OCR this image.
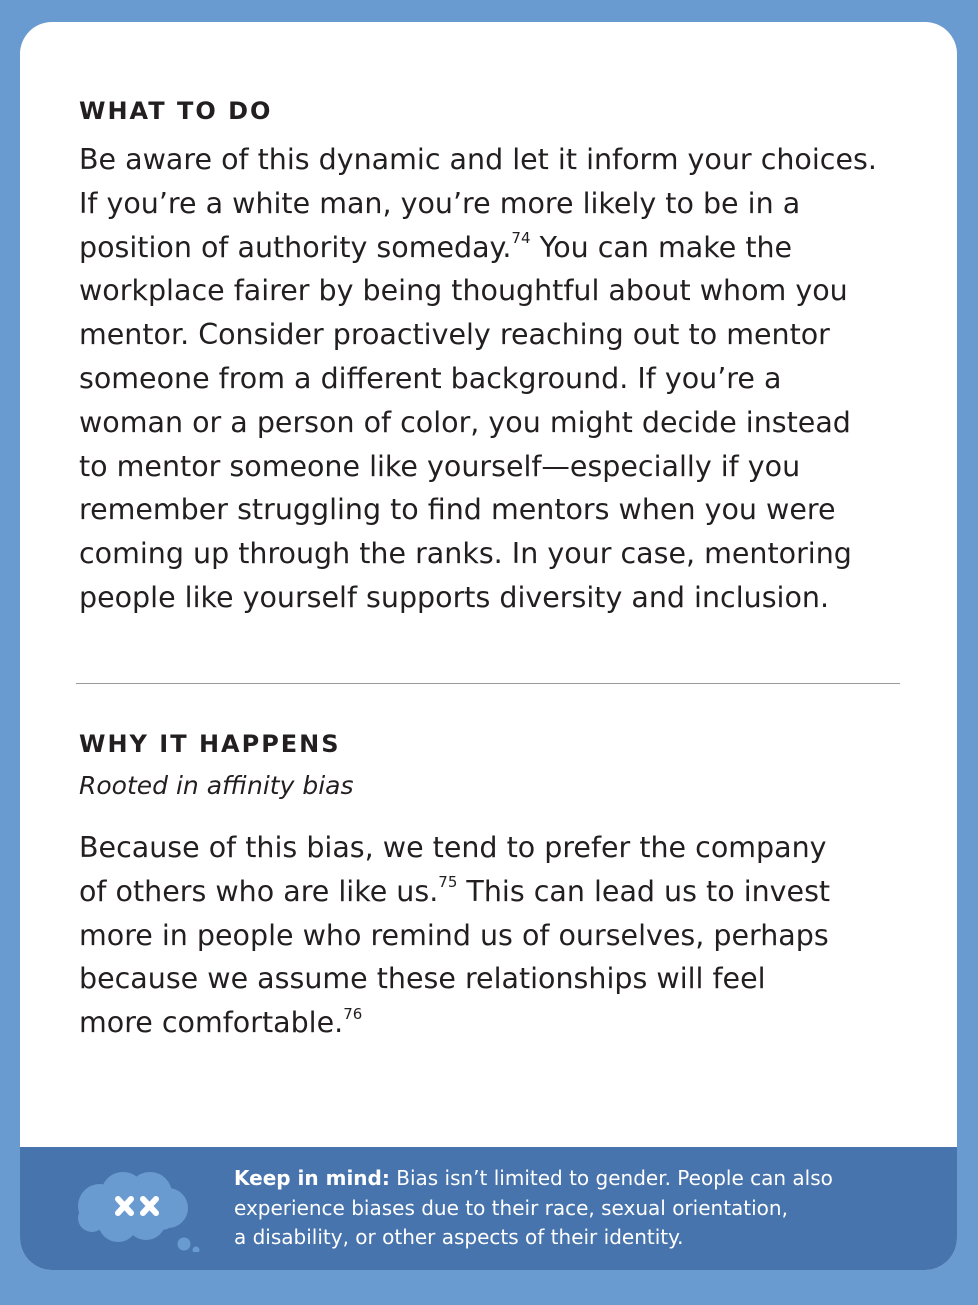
WHAT TO DO
Be aware of this dynamic and let it inform your choices.
If you’re a white man, you’re more likely to be in a
position of authority someday.$^{74}$ You can make the
workplace fairer by being thoughtful about whom you
mentor. Consider proactively reaching out to mentor
someone from a different background. If you’re a
woman or a person of color, you might decide instead
to mentor someone like yourself—especially if you
remember struggling to find mentors when you were
coming up through the ranks. In your case, mentoring
people like yourself supports diversity and inclusion.
WHY IT HAPPENS
Rooted in affinity bias
Because of this bias, we tend to prefer the company
of others who are like us.$^{75}$ This can lead us to invest
more in people who remind us of ourselves, perhaps
because we assume these relationships will feel
more comfortable.$^{76}$
Keep in mind: Bias isn’t limited to gender. People can also
experience biases due to their race, sexual orientation,
a disability, or other aspects of their identity.
